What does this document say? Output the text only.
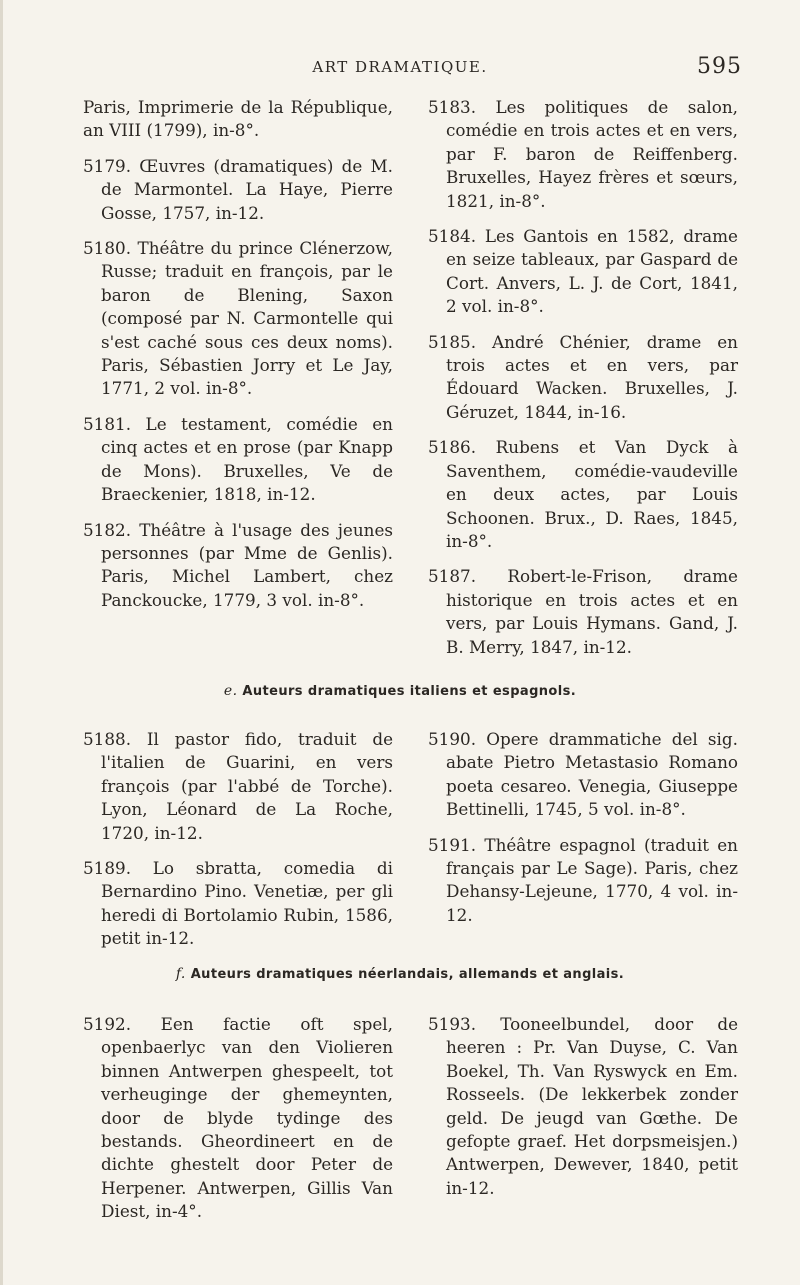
ART DRAMATIQUE.	595

Paris, Imprimerie de la République, an VIII (1799), in-8°.

5179. Œuvres (dramatiques) de M. de Marmontel. La Haye, Pierre Gosse, 1757, in-12.

5180. Théâtre du prince Clénerzow, Russe; traduit en françois, par le baron de Blening, Saxon (composé par N. Carmontelle qui s'est caché sous ces deux noms). Paris, Sébastien Jorry et Le Jay, 1771, 2 vol. in-8°.

5181. Le testament, comédie en cinq actes et en prose (par Knapp de Mons). Bruxelles, Ve de Braeckenier, 1818, in-12.

5182. Théâtre à l'usage des jeunes personnes (par Mme de Genlis). Paris, Michel Lambert, chez Panckoucke, 1779, 3 vol. in-8°.

5183. Les politiques de salon, comédie en trois actes et en vers, par F. baron de Reiffenberg. Bruxelles, Hayez frères et sœurs, 1821, in-8°.

5184. Les Gantois en 1582, drame en seize tableaux, par Gaspard de Cort. Anvers, L. J. de Cort, 1841, 2 vol. in-8°.

5185. André Chénier, drame en trois actes et en vers, par Édouard Wacken. Bruxelles, J. Géruzet, 1844, in-16.

5186. Rubens et Van Dyck à Saventhem, comédie-vaudeville en deux actes, par Louis Schoonen. Brux., D. Raes, 1845, in-8°.

5187. Robert-le-Frison, drame historique en trois actes et en vers, par Louis Hymans. Gand, J. B. Merry, 1847, in-12.

e. Auteurs dramatiques italiens et espagnols.

5188. Il pastor fido, traduit de l'italien de Guarini, en vers françois (par l'abbé de Torche). Lyon, Léonard de La Roche, 1720, in-12.

5189. Lo sbratta, comedia di Bernardino Pino. Venetiæ, per gli heredi di Bortolamio Rubin, 1586, petit in-12.

5190. Opere drammatiche del sig. abate Pietro Metastasio Romano poeta cesareo. Venegia, Giuseppe Bettinelli, 1745, 5 vol. in-8°.

5191. Théâtre espagnol (traduit en français par Le Sage). Paris, chez Dehansy-Lejeune, 1770, 4 vol. in-12.

f. Auteurs dramatiques néerlandais, allemands et anglais.

5192. Een factie oft spel, openbaerlyc van den Violieren binnen Antwerpen ghespeelt, tot verheuginge der ghemeynten, door de blyde tydinge des bestands. Gheordineert en de dichte ghestelt door Peter de Herpener. Antwerpen, Gillis Van Diest, in-4°.

5193. Tooneelbundel, door de heeren : Pr. Van Duyse, C. Van Boekel, Th. Van Ryswyck en Em. Rosseels. (De lekkerbek zonder geld. De jeugd van Gœthe. De gefopte graef. Het dorpsmeisjen.) Antwerpen, Dewever, 1840, petit in-12.
